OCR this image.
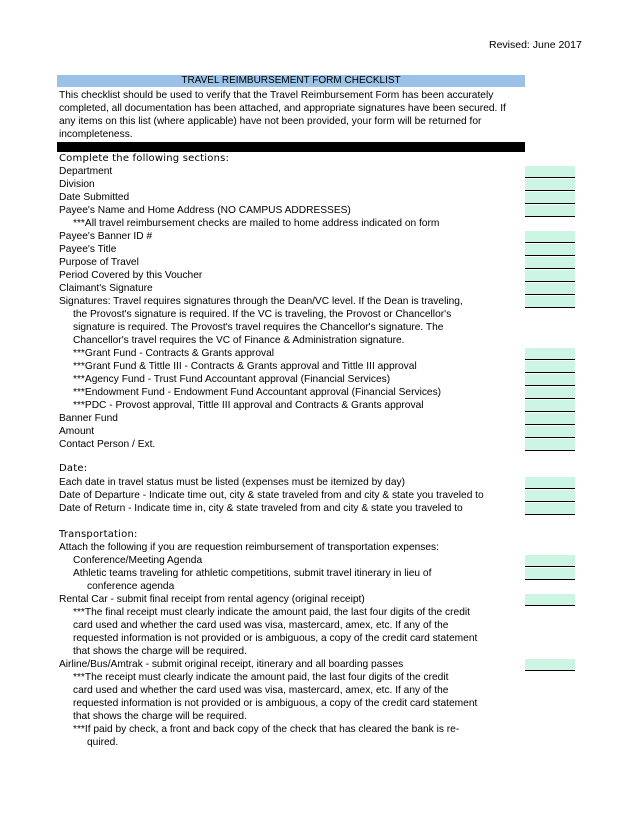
Revised: June 2017
TRAVEL REIMBURSEMENT FORM CHECKLIST
This checklist should be used to verify that the Travel Reimbursement Form has been accurately completed, all documentation has been attached, and appropriate signatures have been secured. If any items on this list (where applicable) have not been provided, your form will be returned for incompleteness.
Complete the following sections:
Department
Division
Date Submitted
Payee's Name and Home Address (NO CAMPUS ADDRESSES)
***All travel reimbursement checks are mailed to home address indicated on form
Payee's Banner ID #
Payee's Title
Purpose of Travel
Period Covered by this Voucher
Claimant's Signature
Signatures: Travel requires signatures through the Dean/VC level. If the Dean is traveling,
the Provost's signature is required. If the VC is traveling, the Provost or Chancellor's
signature is required. The Provost's travel requires the Chancellor's signature. The
Chancellor's travel requires the VC of Finance & Administration signature.
***Grant Fund - Contracts & Grants approval
***Grant Fund & Tittle III - Contracts & Grants approval and Tittle III approval
***Agency Fund - Trust Fund Accountant approval (Financial Services)
***Endowment Fund - Endowment Fund Accountant approval (Financial Services)
***PDC - Provost approval, Tittle III approval and Contracts & Grants approval
Banner Fund
Amount
Contact Person / Ext.
Date:
Each date in travel status must be listed (expenses must be itemized by day)
Date of Departure - Indicate time out, city & state traveled from and city & state you traveled to
Date of Return - Indicate time in, city & state traveled from and city & state you traveled to
Transportation:
Attach the following if you are requestion reimbursement of transportation expenses:
Conference/Meeting Agenda
Athletic teams traveling for athletic competitions, submit travel itinerary in lieu of
conference agenda
Rental Car - submit final receipt from rental agency (original receipt)
***The final receipt must clearly indicate the amount paid, the last four digits of the credit
card used and whether the card used was visa, mastercard, amex, etc. If any of the
requested information is not provided or is ambiguous, a copy of the credit card statement
that shows the charge will be required.
Airline/Bus/Amtrak - submit original receipt, itinerary and all boarding passes
***The receipt must clearly indicate the amount paid, the last four digits of the credit
card used and whether the card used was visa, mastercard, amex, etc. If any of the
requested information is not provided or is ambiguous, a copy of the credit card statement
that shows the charge will be required.
***If paid by check, a front and back copy of the check that has cleared the bank is re-
quired.
